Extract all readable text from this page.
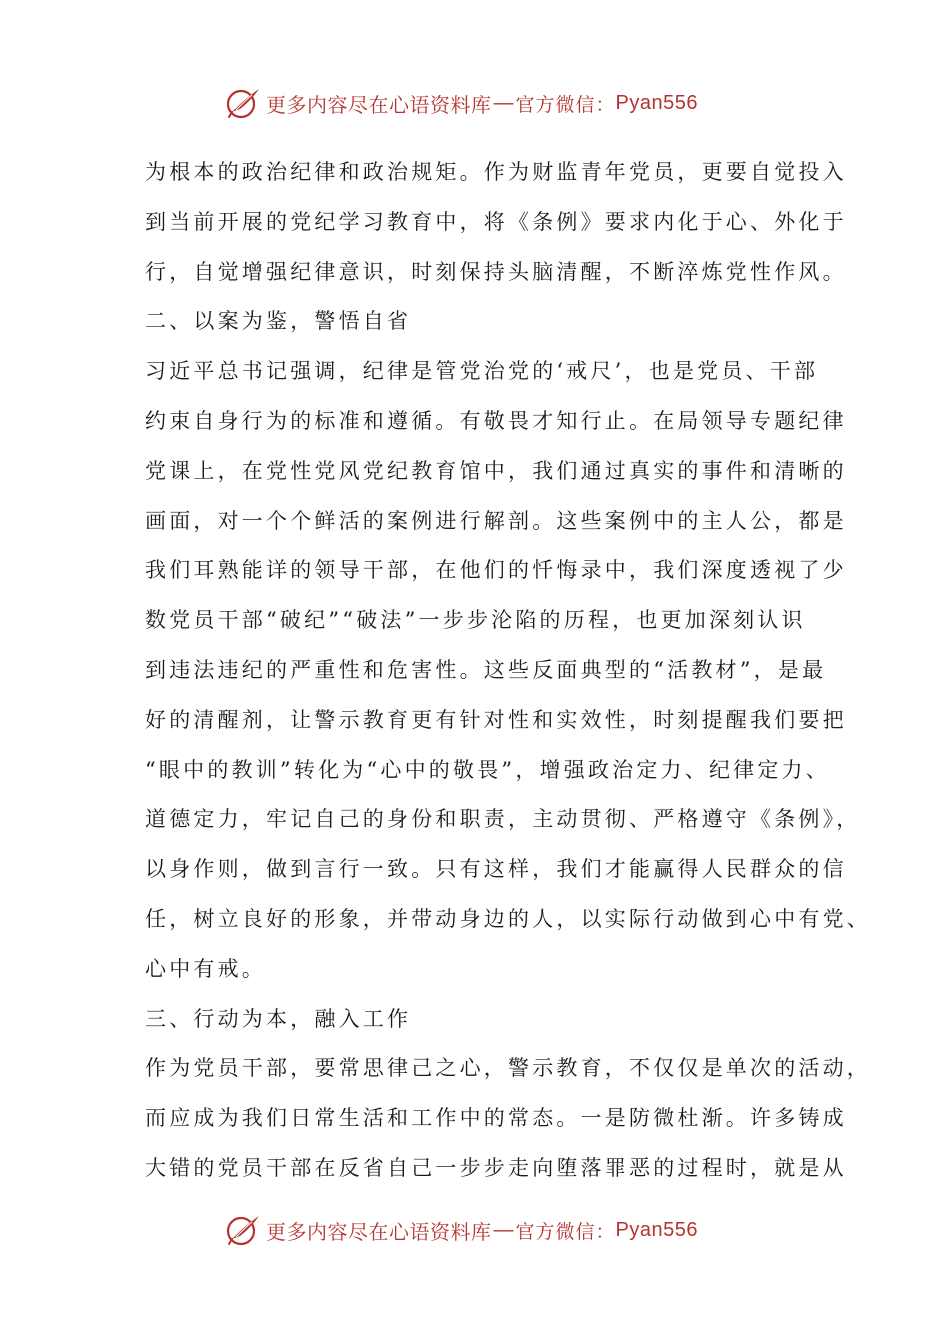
更多内容尽在心语资料库 — 官方微信： Pyan556
为根本的政治纪律和政治规矩。作为财监青年党员，更要自觉投入
到当前开展的党纪学习教育中，将《条例》要求内化于心、外化于
行，自觉增强纪律意识，时刻保持头脑清醒，不断淬炼党性作风。
二、以案为鉴，警悟自省
习近平总书记强调，纪律是管党治党的‘戒尺’，也是党员、干部
约束自身行为的标准和遵循。有敬畏才知行止。在局领导专题纪律
党课上，在党性党风党纪教育馆中，我们通过真实的事件和清晰的
画面，对一个个鲜活的案例进行解剖。这些案例中的主人公，都是
我们耳熟能详的领导干部，在他们的忏悔录中，我们深度透视了少
数党员干部“破纪”“破法”一步步沦陷的历程，也更加深刻认识
到违法违纪的严重性和危害性。这些反面典型的“活教材”，是最
好的清醒剂，让警示教育更有针对性和实效性，时刻提醒我们要把
“眼中的教训”转化为“心中的敬畏”，增强政治定力、纪律定力、
道德定力，牢记自己的身份和职责，主动贯彻、严格遵守《条例》，
以身作则，做到言行一致。只有这样，我们才能赢得人民群众的信
任，树立良好的形象，并带动身边的人，以实际行动做到心中有党、
心中有戒。
三、行动为本，融入工作
作为党员干部，要常思律己之心，警示教育，不仅仅是单次的活动，
而应成为我们日常生活和工作中的常态。一是防微杜渐。许多铸成
大错的党员干部在反省自己一步步走向堕落罪恶的过程时，就是从
更多内容尽在心语资料库 — 官方微信： Pyan556
